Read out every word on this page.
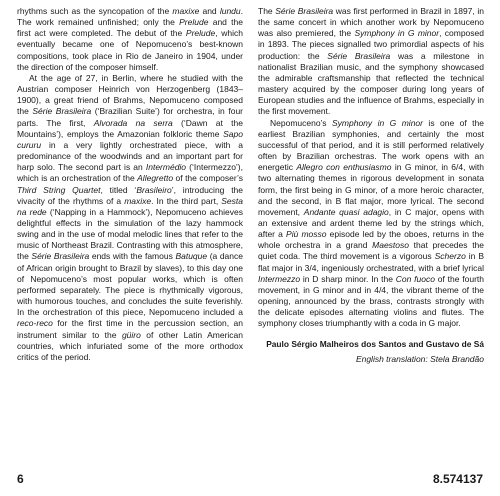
rhythms such as the syncopation of the maxixe and lundu. The work remained unfinished; only the Prelude and the first act were completed. The debut of the Prelude, which eventually became one of Nepomuceno’s best-known compositions, took place in Rio de Janeiro in 1904, under the direction of the composer himself.

At the age of 27, in Berlin, where he studied with the Austrian composer Heinrich von Herzogenberg (1843–1900), a great friend of Brahms, Nepomuceno composed the Série Brasileira (‘Brazilian Suite’) for orchestra, in four parts. The first, Alvorada na serra (‘Dawn at the Mountains’), employs the Amazonian folkloric theme Sapo cururu in a very lightly orchestrated piece, with a predominance of the woodwinds and an important part for harp solo. The second part is an Intermédio (‘Intermezzo’), which is an orchestration of the Allegretto of the composer’s Third String Quartet, titled ‘Brasileiro’, introducing the vivacity of the rhythms of a maxixe. In the third part, Sesta na rede (‘Napping in a Hammock’), Nepomuceno achieves delightful effects in the simulation of the lazy hammock swing and in the use of modal melodic lines that refer to the music of Northeast Brazil. Contrasting with this atmosphere, the Série Brasileira ends with the famous Batuque (a dance of African origin brought to Brazil by slaves), to this day one of Nepomuceno’s most popular works, which is often performed separately. The piece is rhythmically vigorous, with humorous touches, and concludes the suite feverishly. In the orchestration of this piece, Nepomuceno included a reco-reco for the first time in the percussion section, an instrument similar to the güiro of other Latin American countries, which infuriated some of the more orthodox critics of the period.

The Série Brasileira was first performed in Brazil in 1897, in the same concert in which another work by Nepomuceno was also premiered, the Symphony in G minor, composed in 1893. The pieces signalled two primordial aspects of his production: the Série Brasileira was a milestone in nationalist Brazilian music, and the symphony showcased the admirable craftsmanship that reflected the technical mastery acquired by the composer during long years of European studies and the influence of Brahms, especially in the first movement.

Nepomuceno’s Symphony in G minor is one of the earliest Brazilian symphonies, and certainly the most successful of that period, and it is still performed relatively often by Brazilian orchestras. The work opens with an energetic Allegro con enthusiasmo in G minor, in 6/4, with two alternating themes in rigorous development in sonata form, the first being in G minor, of a more heroic character, and the second, in B flat major, more lyrical. The second movement, Andante quasi adagio, in C major, opens with an extensive and ardent theme led by the strings which, after a Più mosso episode led by the oboes, returns in the whole orchestra in a grand Maestoso that precedes the quiet coda. The third movement is a vigorous Scherzo in B flat major in 3/4, ingeniously orchestrated, with a brief lyrical Intermezzo in D sharp minor. In the Con fuoco of the fourth movement, in G minor and in 4/4, the vibrant theme of the opening, announced by the brass, contrasts strongly with the delicate episodes alternating violins and flutes. The symphony closes triumphantly with a coda in G major.

Paulo Sérgio Malheiros dos Santos and Gustavo de Sá

English translation: Stela Brandão

6	8.574137
